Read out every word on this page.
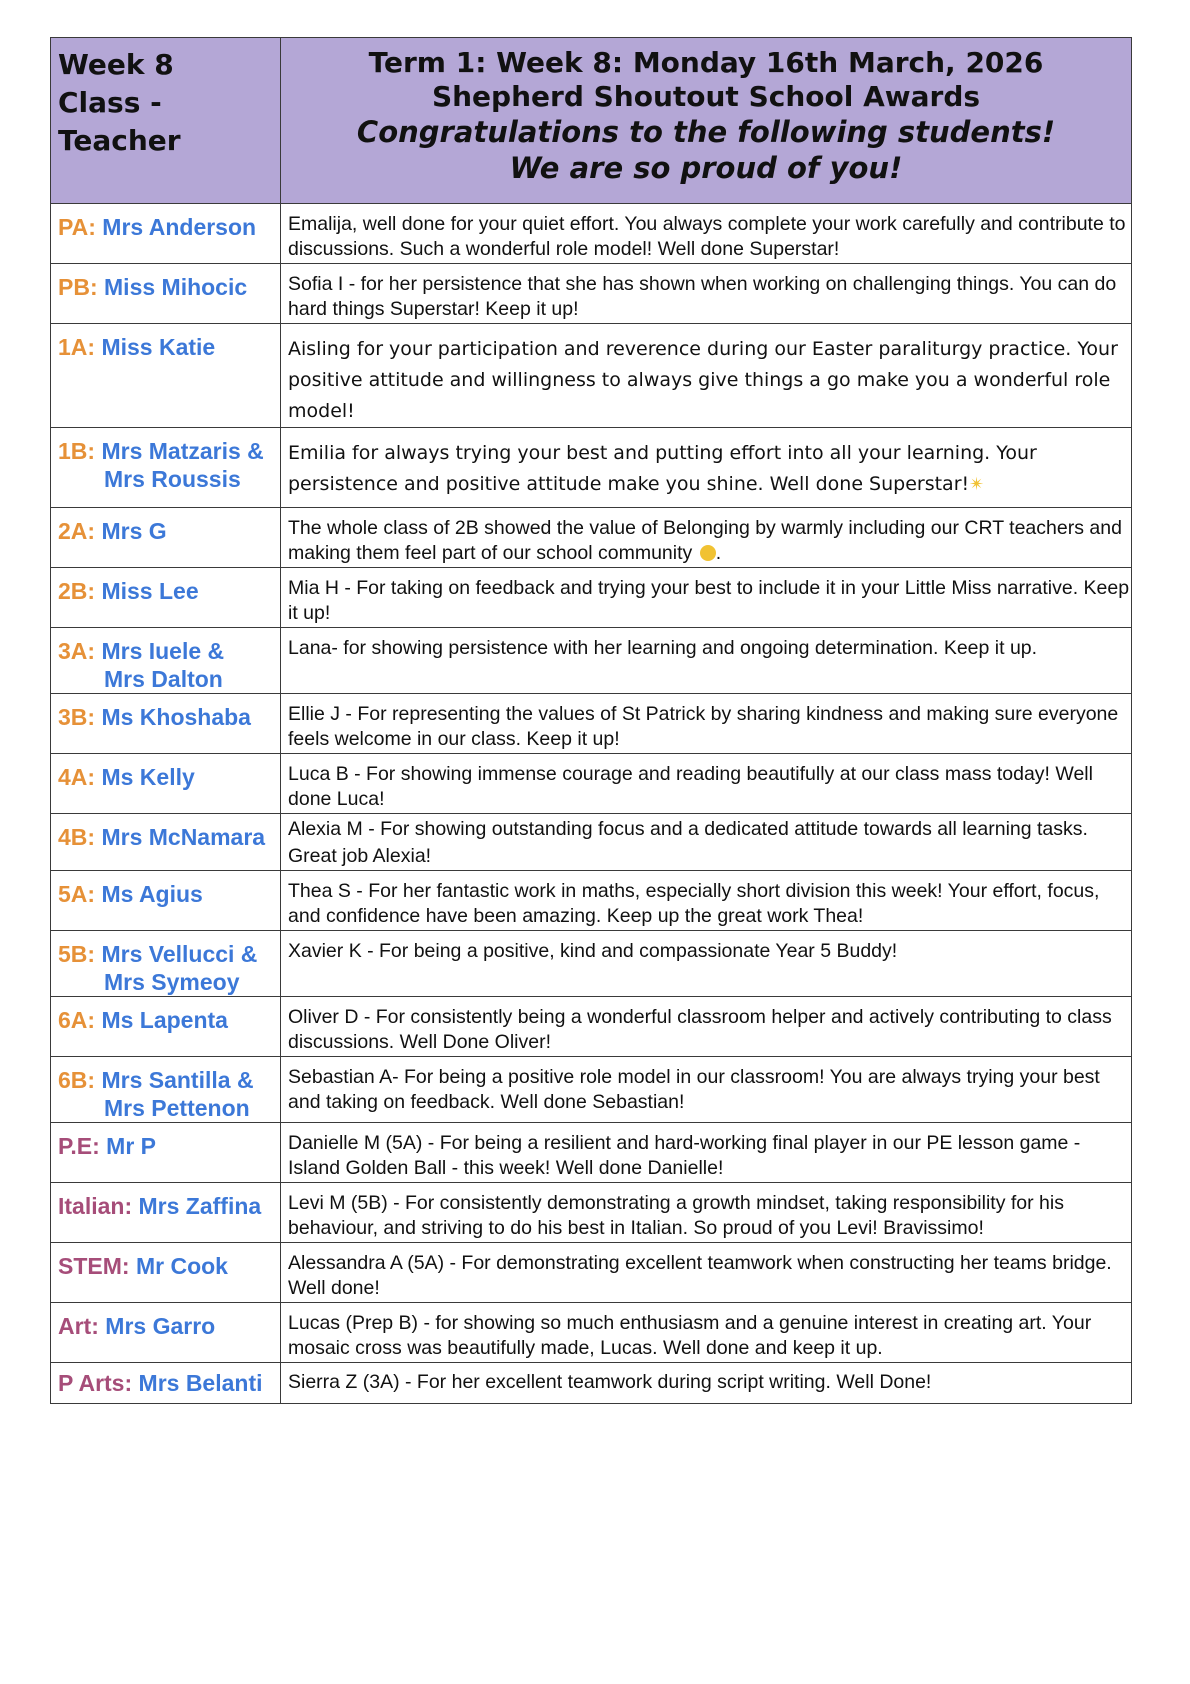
Week 8
Class -
Teacher	Term 1: Week 8: Monday 16th March, 2026
Shepherd Shoutout School Awards
Congratulations to the following students!
We are so proud of you!

PA: Mrs Anderson	Emalija, well done for your quiet effort. You always complete your work carefully and contribute to discussions. Such a wonderful role model! Well done Superstar!
PB: Miss Mihocic	Sofia I - for her persistence that she has shown when working on challenging things. You can do hard things Superstar! Keep it up!
1A: Miss Katie	Aisling for your participation and reverence during our Easter paraliturgy practice. Your positive attitude and willingness to always give things a go make you a wonderful role model!
1B: Mrs Matzaris &
Mrs Roussis	Emilia for always trying your best and putting effort into all your learning. Your persistence and positive attitude make you shine. Well done Superstar!✴
2A: Mrs G	The whole class of 2B showed the value of Belonging by warmly including our CRT teachers and making them feel part of our school community .
2B: Miss Lee	Mia H - For taking on feedback and trying your best to include it in your Little Miss narrative. Keep it up!
3A: Mrs Iuele &
Mrs Dalton	Lana- for showing persistence with her learning and ongoing determination. Keep it up.
3B: Ms Khoshaba	Ellie J - For representing the values of St Patrick by sharing kindness and making sure everyone feels welcome in our class. Keep it up!
4A: Ms Kelly	Luca B - For showing immense courage and reading beautifully at our class mass today! Well done Luca!
4B: Mrs McNamara	Alexia M - For showing outstanding focus and a dedicated attitude towards all learning tasks. Great job Alexia!
5A: Ms Agius	Thea S - For her fantastic work in maths, especially short division this week! Your effort, focus, and confidence have been amazing. Keep up the great work Thea!
5B: Mrs Vellucci &
Mrs Symeoy	Xavier K - For being a positive, kind and compassionate Year 5 Buddy!
6A: Ms Lapenta	Oliver D - For consistently being a wonderful classroom helper and actively contributing to class discussions. Well Done Oliver!
6B: Mrs Santilla &
Mrs Pettenon	Sebastian A- For being a positive role model in our classroom! You are always trying your best and taking on feedback. Well done Sebastian!
P.E: Mr P	Danielle M (5A) - For being a resilient and hard-working final player in our PE lesson game - Island Golden Ball - this week! Well done Danielle!
Italian: Mrs Zaffina	Levi M (5B) - For consistently demonstrating a growth mindset, taking responsibility for his behaviour, and striving to do his best in Italian. So proud of you Levi! Bravissimo!
STEM: Mr Cook	Alessandra A (5A) - For demonstrating excellent teamwork when constructing her teams bridge. Well done!
Art: Mrs Garro	Lucas (Prep B) - for showing so much enthusiasm and a genuine interest in creating art. Your mosaic cross was beautifully made, Lucas. Well done and keep it up.
P Arts: Mrs Belanti	Sierra Z (3A) - For her excellent teamwork during script writing. Well Done!
